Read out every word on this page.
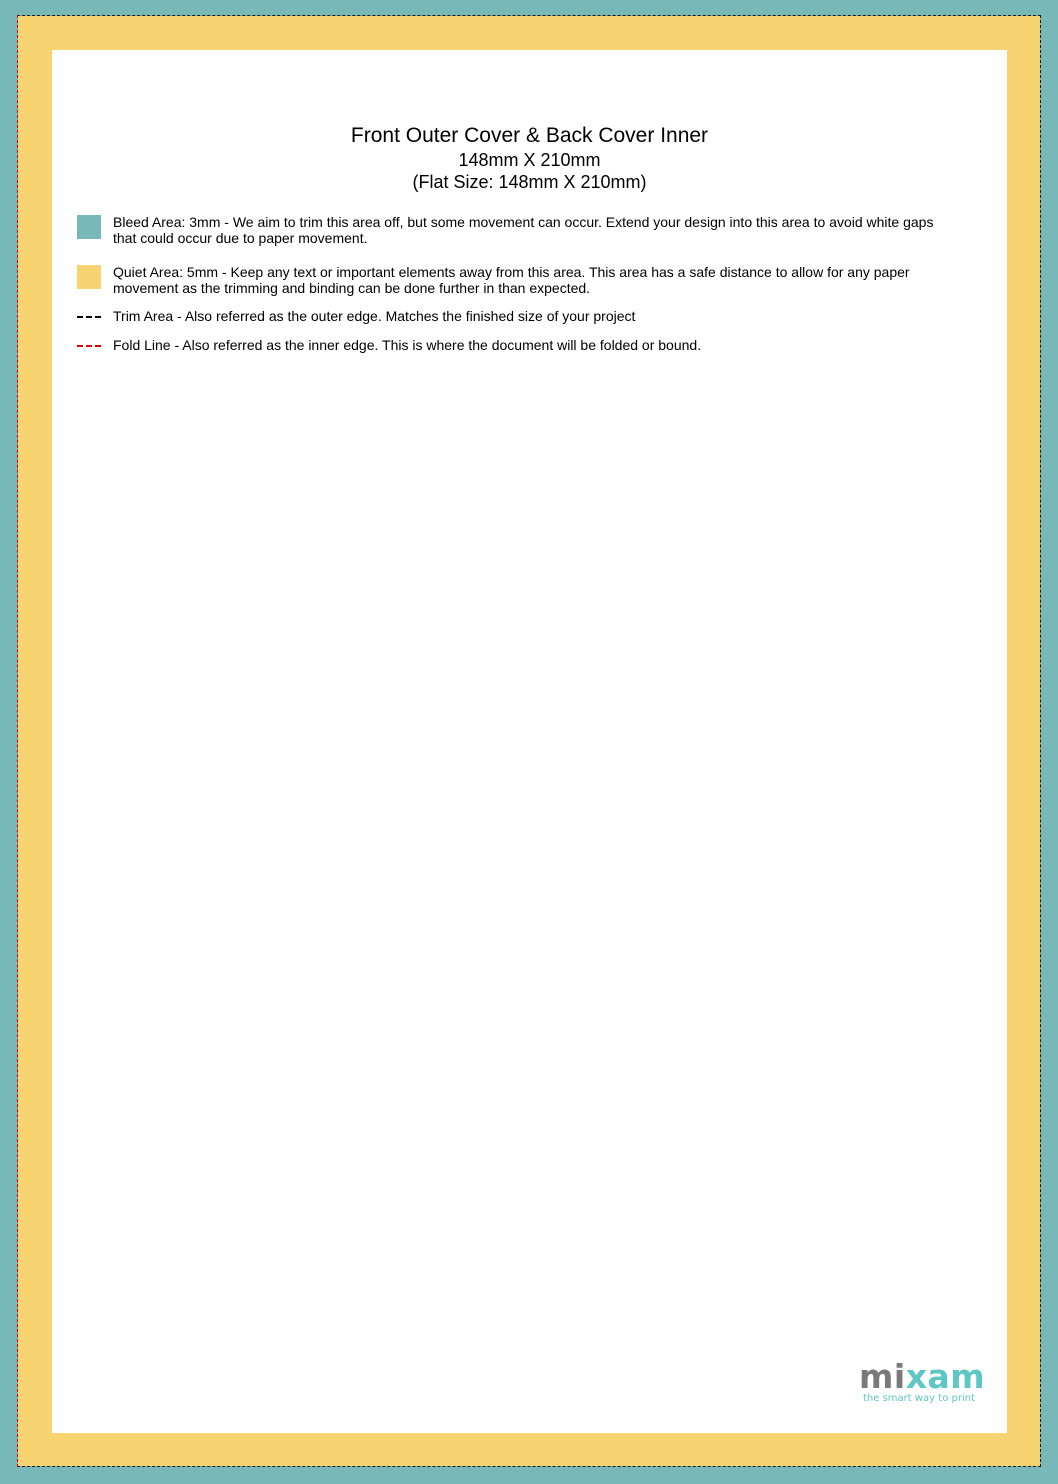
Front Outer Cover & Back Cover Inner
148mm X 210mm
(Flat Size: 148mm X 210mm)
Bleed Area: 3mm - We aim to trim this area off, but some movement can occur. Extend your design into this area to avoid white gaps that could occur due to paper movement.
Quiet Area: 5mm - Keep any text or important elements away from this area. This area has a safe distance to allow for any paper movement as the trimming and binding can be done further in than expected.
Trim Area - Also referred as the outer edge. Matches the finished size of your project
Fold Line - Also referred as the inner edge. This is where the document will be folded or bound.
mixam
the smart way to print
